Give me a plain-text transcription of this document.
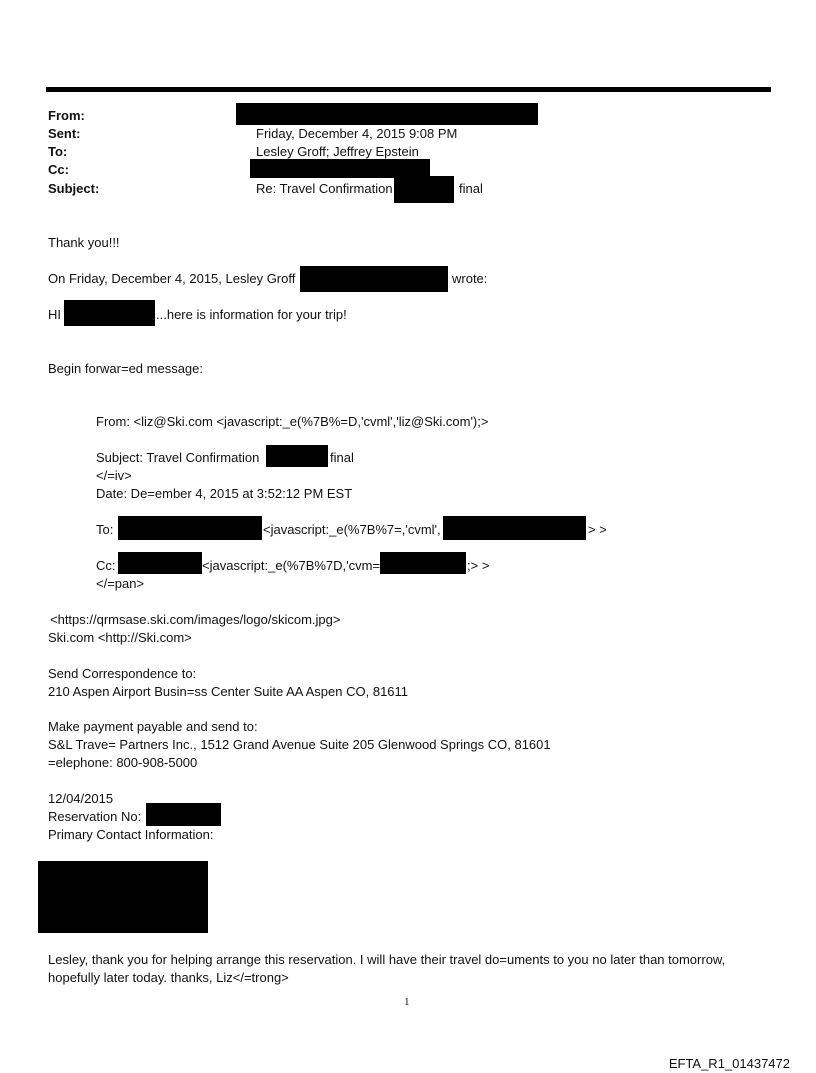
From:
Sent:	Friday, December 4, 2015 9:08 PM
To:	Lesley Groff; Jeffrey Epstein
Cc:
Subject:	Re: Travel Confirmation	final
Thank you!!!
On Friday, December 4, 2015, Lesley Groff	wrote:
HI	...here is information for your trip!
Begin forwar=ed message:
From: <liz@Ski.com <javascript:_e(%7B%=D,'cvml','liz@Ski.com');>
Subject: Travel Confirmation	final
</=iv>
Date: De=ember 4, 2015 at 3:52:12 PM EST
To:	<javascript:_e(%7B%7=,'cvml',	> >
Cc:	<javascript:_e(%7B%7D,'cvm=	;> >
</=pan>
<https://qrmsase.ski.com/images/logo/skicom.jpg>
Ski.com <http://Ski.com>
Send Correspondence to:
210 Aspen Airport Busin=ss Center Suite AA Aspen CO, 81611
Make payment payable and send to:
S&L Trave= Partners Inc., 1512 Grand Avenue Suite 205 Glenwood Springs CO, 81601
=elephone: 800-908-5000
12/04/2015
Reservation No:
Primary Contact Information:
Lesley, thank you for helping arrange this reservation. I will have their travel do=uments to you no later than tomorrow,
hopefully later today. thanks, Liz</=trong>
1
EFTA_R1_01437472
